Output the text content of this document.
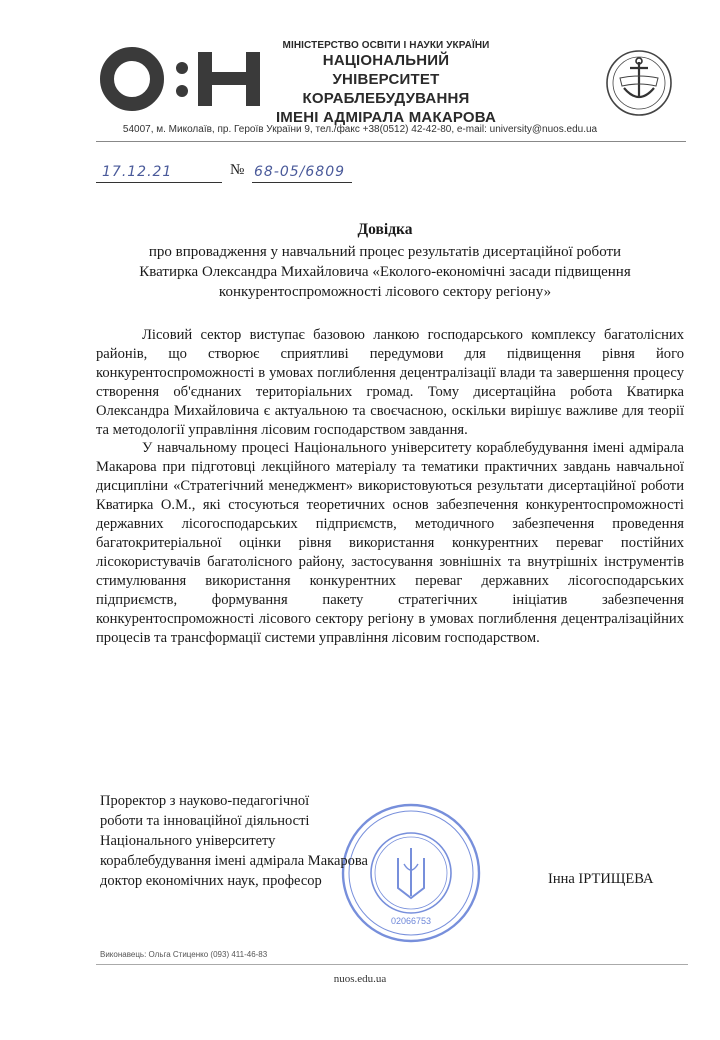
МІНІСТЕРСТВО ОСВІТИ І НАУКИ УКРАЇНИ
НАЦІОНАЛЬНИЙ УНІВЕРСИТЕТ
КОРАБЛЕБУДУВАННЯ
ІМЕНІ АДМІРАЛА МАКАРОВА
54007, м. Миколаїв, пр. Героїв України 9, тел./факс +38(0512) 42-42-80, e-mail: university@nuos.edu.ua
17.12.21	№ 68-05/6809
Довідка
про впровадження у навчальний процес результатів дисертаційної роботи
Кватирка Олександра Михайловича «Еколого-економічні засади підвищення
конкурентоспроможності лісового сектору регіону»

Лісовий сектор виступає базовою ланкою господарського комплексу багатолісних районів, що створює сприятливі передумови для підвищення рівня його конкурентоспроможності в умовах поглиблення децентралізації влади та завершення процесу створення об'єднаних територіальних громад. Тому дисертаційна робота Кватирка Олександра Михайловича є актуальною та своєчасною, оскільки вирішує важливе для теорії та методології управління лісовим господарством завдання.

У навчальному процесі Національного університету кораблебудування імені адмірала Макарова при підготовці лекційного матеріалу та тематики практичних завдань навчальної дисципліни «Стратегічний менеджмент» використовуються результати дисертаційної роботи Кватирка О.М., які стосуються теоретичних основ забезпечення конкурентоспроможності державних лісогосподарських підприємств, методичного забезпечення проведення багатокритеріальної оцінки рівня використання конкурентних переваг постійних лісокористувачів багатолісного району, застосування зовнішніх та внутрішніх інструментів стимулювання використання конкурентних переваг державних лісогосподарських підприємств, формування пакету стратегічних ініціатив забезпечення конкурентоспроможності лісового сектору регіону в умовах поглиблення децентралізаційних процесів та трансформації системи управління лісовим господарством.

02066753
Проректор з науково-педагогічної
роботи та інноваційної діяльності
Національного університету
кораблебудування імені адмірала Макарова
доктор економічних наук, професор	Інна ІРТИЩЕВА
Виконавець: Ольга Стиценко (093) 411-46-83
nuos.edu.ua
